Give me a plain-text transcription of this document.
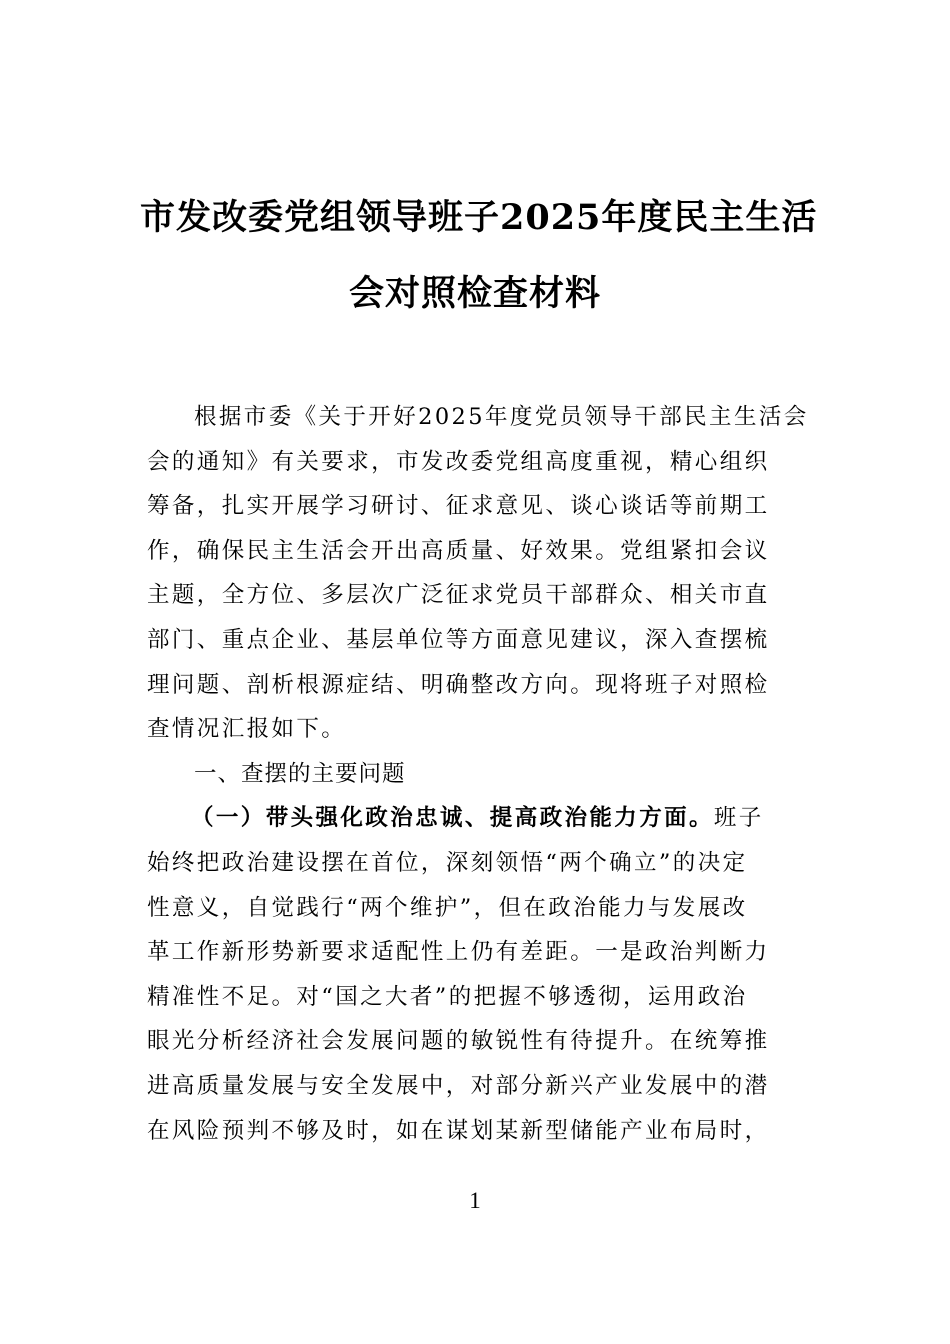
市发改委党组领导班子2025年度民主生活
会对照检查材料
根据市委《关于开好2025年度党员领导干部民主生活会
会的通知》有关要求，市发改委党组高度重视，精心组织
筹备，扎实开展学习研讨、征求意见、谈心谈话等前期工
作，确保民主生活会开出高质量、好效果。党组紧扣会议
主题，全方位、多层次广泛征求党员干部群众、相关市直
部门、重点企业、基层单位等方面意见建议，深入查摆梳
理问题、剖析根源症结、明确整改方向。现将班子对照检
查情况汇报如下。
一、查摆的主要问题
（一）带头强化政治忠诚、提高政治能力方面。班子
始终把政治建设摆在首位，深刻领悟“两个确立”的决定
性意义，自觉践行“两个维护”，但在政治能力与发展改
革工作新形势新要求适配性上仍有差距。一是政治判断力
精准性不足。对“国之大者”的把握不够透彻，运用政治
眼光分析经济社会发展问题的敏锐性有待提升。在统筹推
进高质量发展与安全发展中，对部分新兴产业发展中的潜
在风险预判不够及时，如在谋划某新型储能产业布局时，
1
